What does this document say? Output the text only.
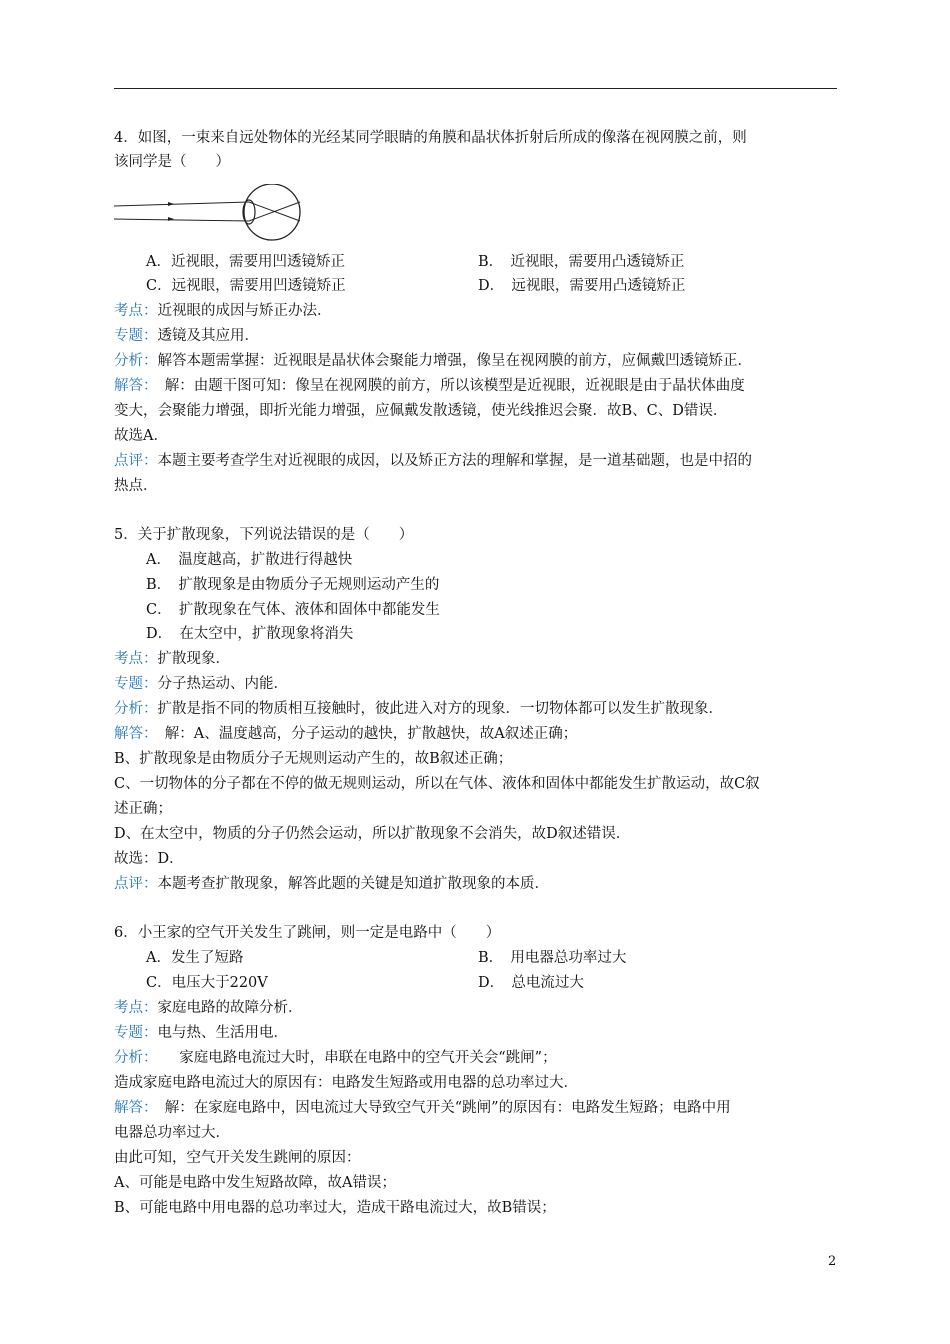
4．如图，一束来自远处物体的光经某同学眼睛的角膜和晶状体折射后所成的像落在视网膜之前，则
该同学是（　　）
A．近视眼，需要用凹透镜矫正	B．　近视眼，需要用凸透镜矫正
C．远视眼，需要用凹透镜矫正	D．　远视眼，需要用凸透镜矫正
考点：近视眼的成因与矫正办法．
专题：透镜及其应用．
分析：解答本题需掌握：近视眼是晶状体会聚能力增强，像呈在视网膜的前方，应佩戴凹透镜矫正．
解答：　解：由题干图可知：像呈在视网膜的前方，所以该模型是近视眼，近视眼是由于晶状体曲度
变大，会聚能力增强，即折光能力增强，应佩戴发散透镜，使光线推迟会聚．故B、C、D错误．
故选A．
点评：本题主要考查学生对近视眼的成因，以及矫正方法的理解和掌握，是一道基础题，也是中招的
热点．
5．关于扩散现象，下列说法错误的是（　　）
A．　温度越高，扩散进行得越快
B．　扩散现象是由物质分子无规则运动产生的
C．　扩散现象在气体、液体和固体中都能发生
D．　在太空中，扩散现象将消失
考点：扩散现象．
专题：分子热运动、内能．
分析：扩散是指不同的物质相互接触时，彼此进入对方的现象．一切物体都可以发生扩散现象．
解答：　解：A、温度越高，分子运动的越快，扩散越快，故A叙述正确；
B、扩散现象是由物质分子无规则运动产生的，故B叙述正确；
C、一切物体的分子都在不停的做无规则运动，所以在气体、液体和固体中都能发生扩散运动，故C叙
述正确；
D、在太空中，物质的分子仍然会运动，所以扩散现象不会消失，故D叙述错误．
故选：D．
点评：本题考查扩散现象，解答此题的关键是知道扩散现象的本质．
6．小王家的空气开关发生了跳闸，则一定是电路中（　　）
A．发生了短路	B．　用电器总功率过大
C．电压大于220V	D．　总电流过大
考点：家庭电路的故障分析．
专题：电与热、生活用电．
分析：　　家庭电路电流过大时，串联在电路中的空气开关会“跳闸”；
造成家庭电路电流过大的原因有：电路发生短路或用电器的总功率过大．
解答：　解：在家庭电路中，因电流过大导致空气开关“跳闸”的原因有：电路发生短路；电路中用
电器总功率过大．
由此可知，空气开关发生跳闸的原因：
A、可能是电路中发生短路故障，故A错误；
B、可能电路中用电器的总功率过大，造成干路电流过大，故B错误；
2
